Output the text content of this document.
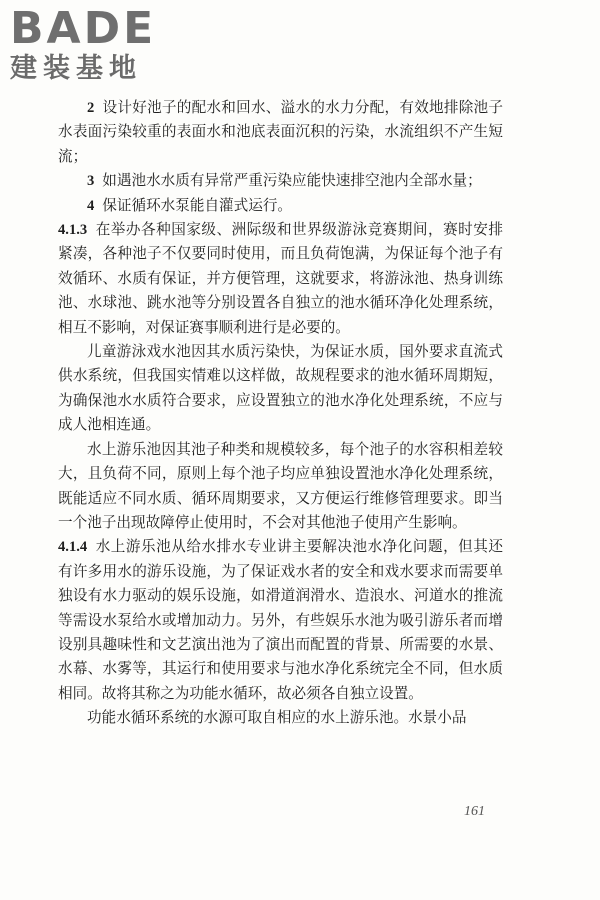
BADE
建装基地

2 设计好池子的配水和回水、溢水的水力分配，有效地排除池子水表面污染较重的表面水和池底表面沉积的污染，水流组织不产生短流；

3 如遇池水水质有异常严重污染应能快速排空池内全部水量；

4 保证循环水泵能自灌式运行。

4.1.3 在举办各种国家级、洲际级和世界级游泳竞赛期间，赛时安排紧凑，各种池子不仅要同时使用，而且负荷饱满，为保证每个池子有效循环、水质有保证，并方便管理，这就要求，将游泳池、热身训练池、水球池、跳水池等分别设置各自独立的池水循环净化处理系统，相互不影响，对保证赛事顺利进行是必要的。

儿童游泳戏水池因其水质污染快，为保证水质，国外要求直流式供水系统，但我国实情难以这样做，故规程要求的池水循环周期短，为确保池水水质符合要求，应设置独立的池水净化处理系统，不应与成人池相连通。

水上游乐池因其池子种类和规模较多，每个池子的水容积相差较大，且负荷不同，原则上每个池子均应单独设置池水净化处理系统，既能适应不同水质、循环周期要求，又方便运行维修管理要求。即当一个池子出现故障停止使用时，不会对其他池子使用产生影响。

4.1.4 水上游乐池从给水排水专业讲主要解决池水净化问题，但其还有许多用水的游乐设施，为了保证戏水者的安全和戏水要求而需要单独设有水力驱动的娱乐设施，如滑道润滑水、造浪水、河道水的推流等需设水泵给水或增加动力。另外，有些娱乐水池为吸引游乐者而增设别具趣味性和文艺演出池为了演出而配置的背景、所需要的水景、水幕、水雾等，其运行和使用要求与池水净化系统完全不同，但水质相同。故将其称之为功能水循环，故必须各自独立设置。

功能水循环系统的水源可取自相应的水上游乐池。水景小品

161
